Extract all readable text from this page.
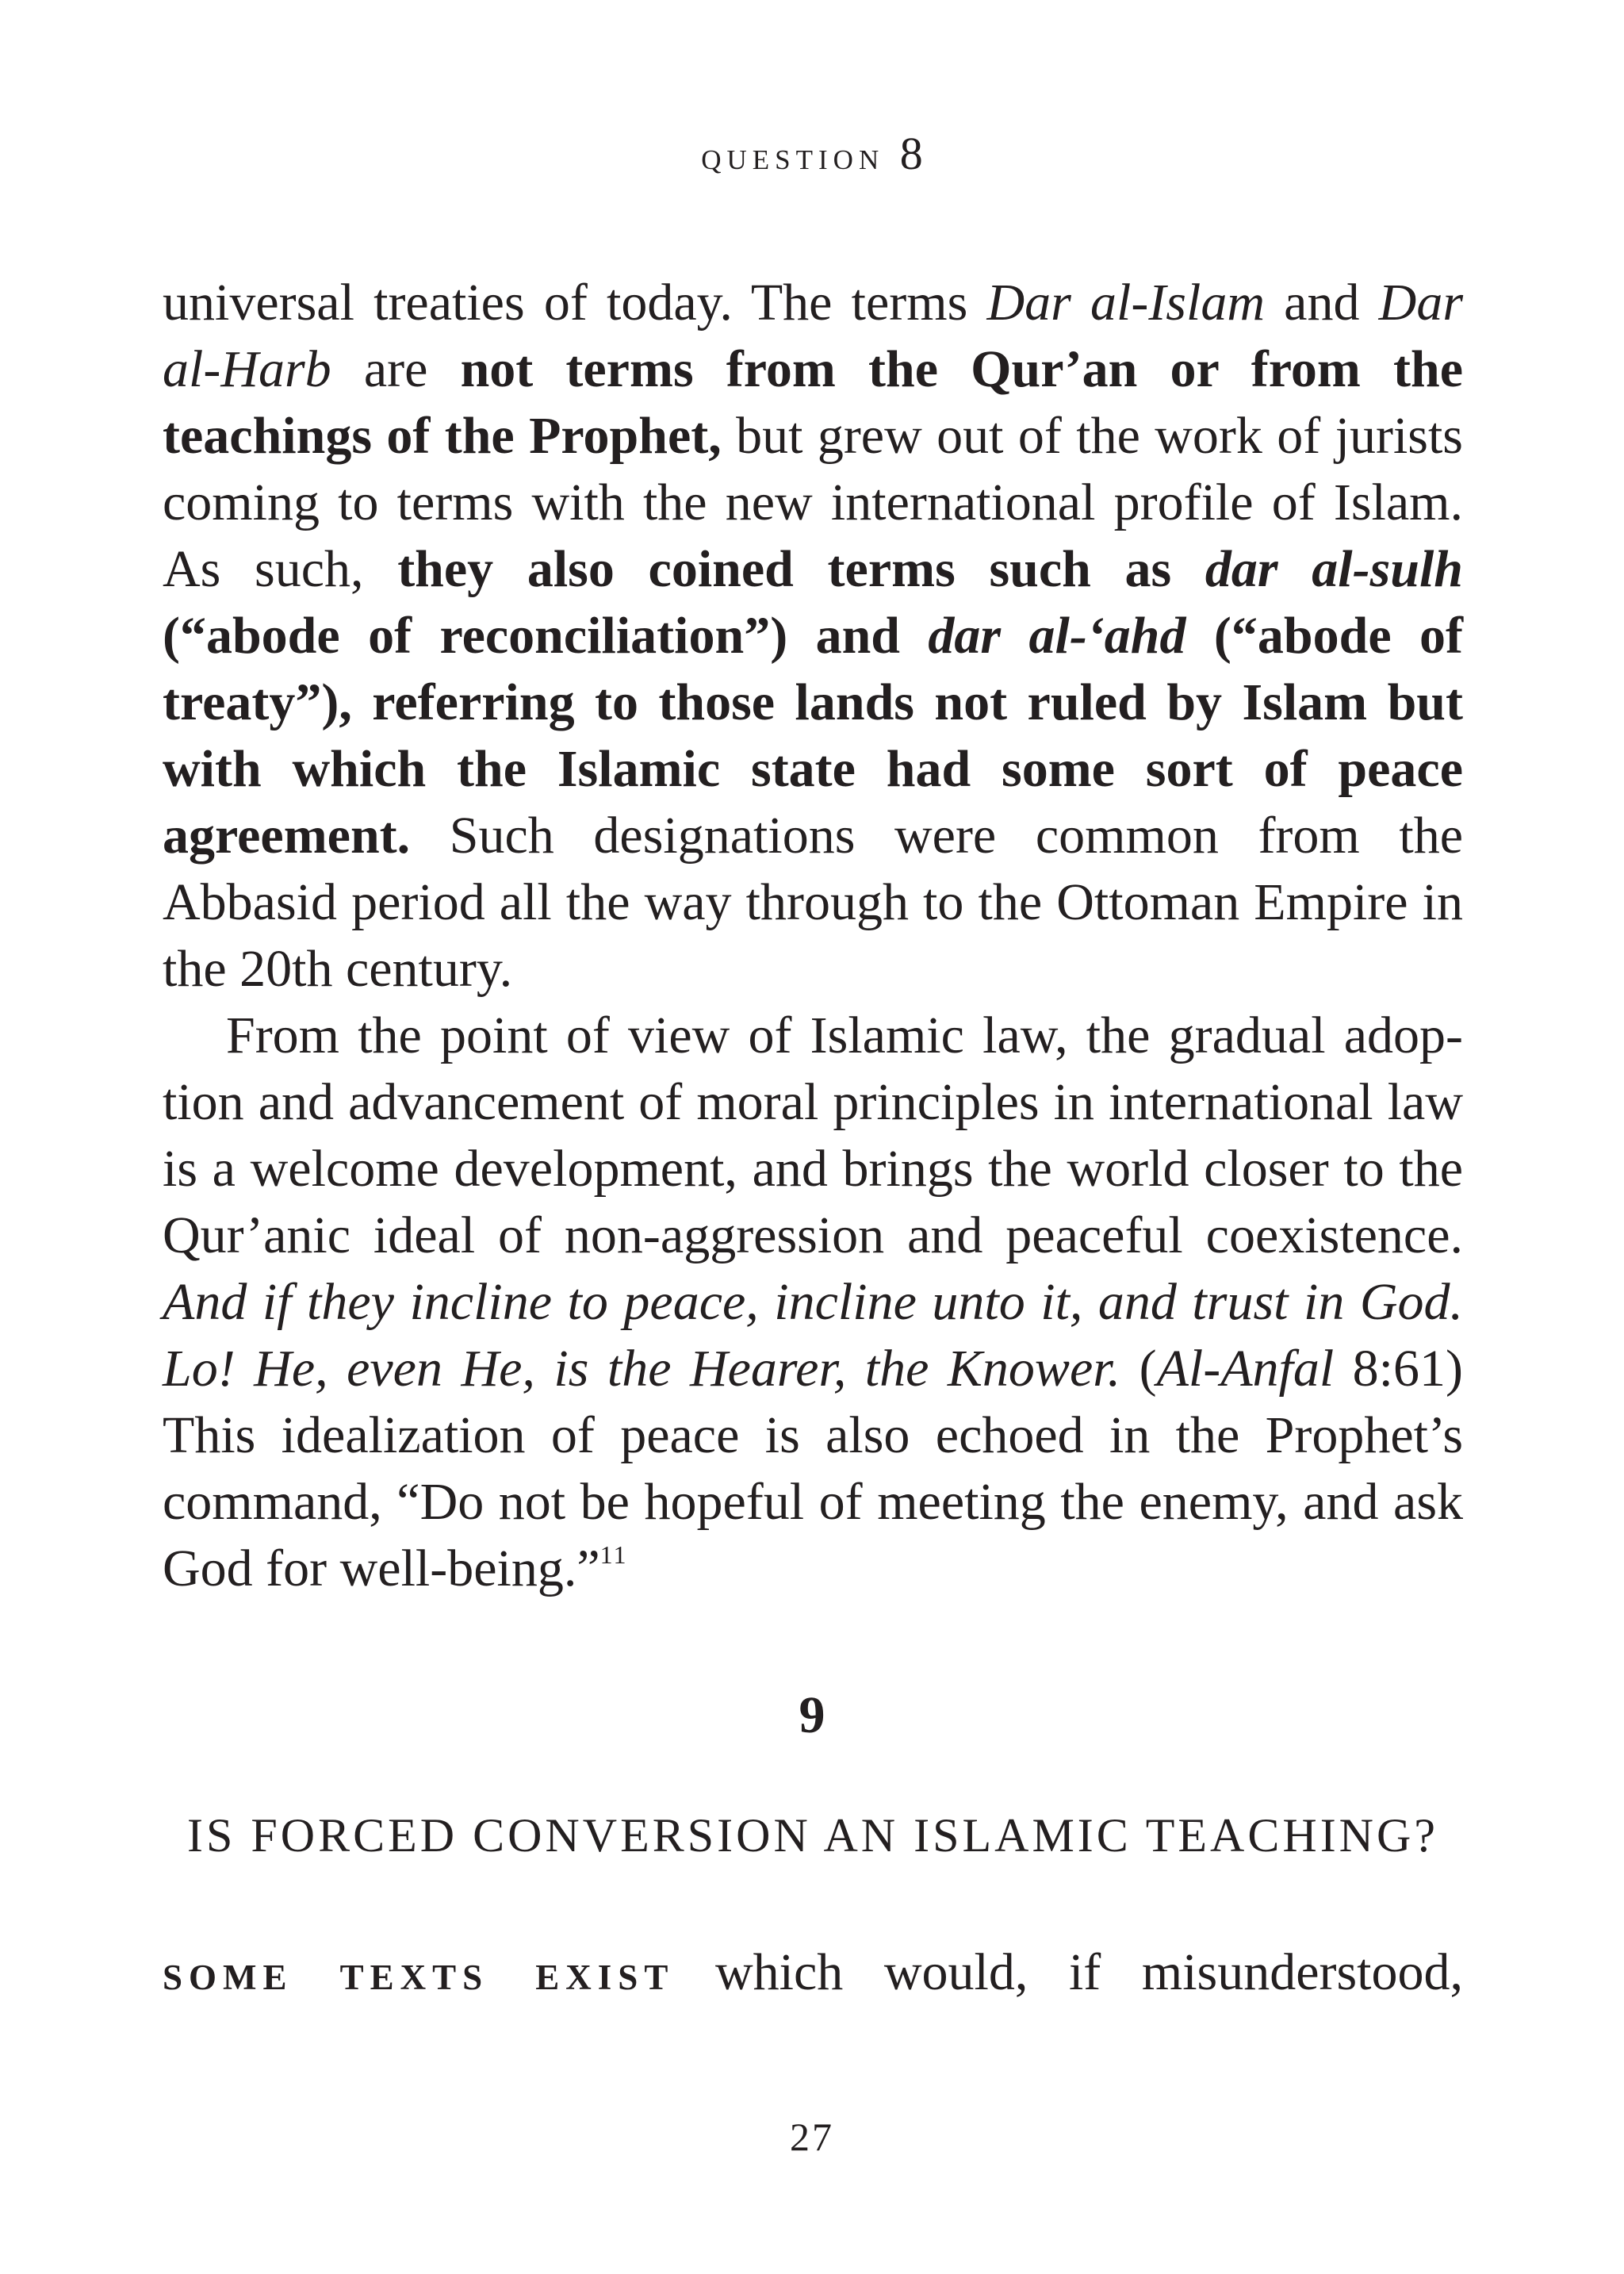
question 8

universal treaties of today. The terms Dar al-Islam and Dar al-Harb are not terms from the Qur’an or from the teachings of the Prophet, but grew out of the work of jurists coming to terms with the new international profile of Islam. As such, they also coined terms such as dar al-sulh (“abode of reconciliation”) and dar al-‘ahd (“abode of treaty”), referring to those lands not ruled by Islam but with which the Islamic state had some sort of peace agreement. Such designations were common from the Abbasid period all the way through to the Ottoman Empire in the 20th century.

From the point of view of Islamic law, the gradual adoption and advancement of moral principles in international law is a welcome development, and brings the world closer to the Qur’anic ideal of non-aggression and peaceful coexistence. And if they incline to peace, incline unto it, and trust in God. Lo! He, even He, is the Hearer, the Knower. (Al-Anfal 8:61) This idealization of peace is also echoed in the Prophet’s command, “Do not be hopeful of meeting the enemy, and ask God for well-being.”$^{11}$

9
IS FORCED CONVERSION AN ISLAMIC TEACHING?
some texts exist which would, if misunderstood,
27
